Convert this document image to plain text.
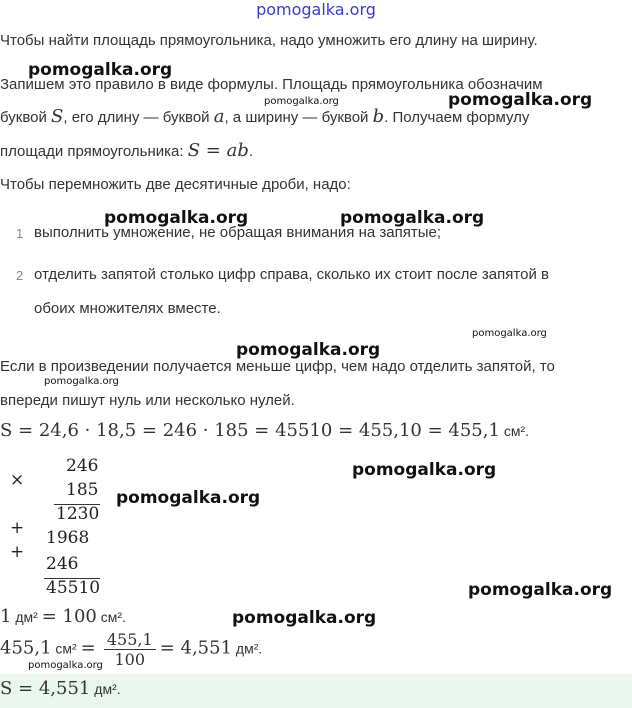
pomogalka.org
Чтобы найти площадь прямоугольника, надо умножить его длину на ширину.
Запишем это правило в виде формулы. Площадь прямоугольника обозначим
буквой S, его длину — буквой a, а ширину — буквой b. Получаем формулу
площади прямоугольника: S = ab.
Чтобы перемножить две десятичные дроби, надо:
1 выполнить умножение, не обращая внимания на запятые;
2 отделить запятой столько цифр справа, сколько их стоит после запятой в
обоих множителях вместе.
Если в произведении получается меньше цифр, чем надо отделить запятой, то
впереди пишут нуль или несколько нулей.
S = 24,6 · 18,5 = 246 · 185 = 45510 = 455,10 = 455,1 см².
×
246
185
1230
+ 1968
+
246
45510
1 дм² = 100 см².
455,1 $см^2 = \frac{455,1}{100} = 4,551$ дм².
S = 4,551 дм².
pomogalka.org
pomogalka.org	pomogalka.org
pomogalka.org	pomogalka.org
pomogalka.org
pomogalka.org
pomogalka.org
pomogalka.org
pomogalka.org
pomogalka.org
pomogalka.org
pomogalka.org
